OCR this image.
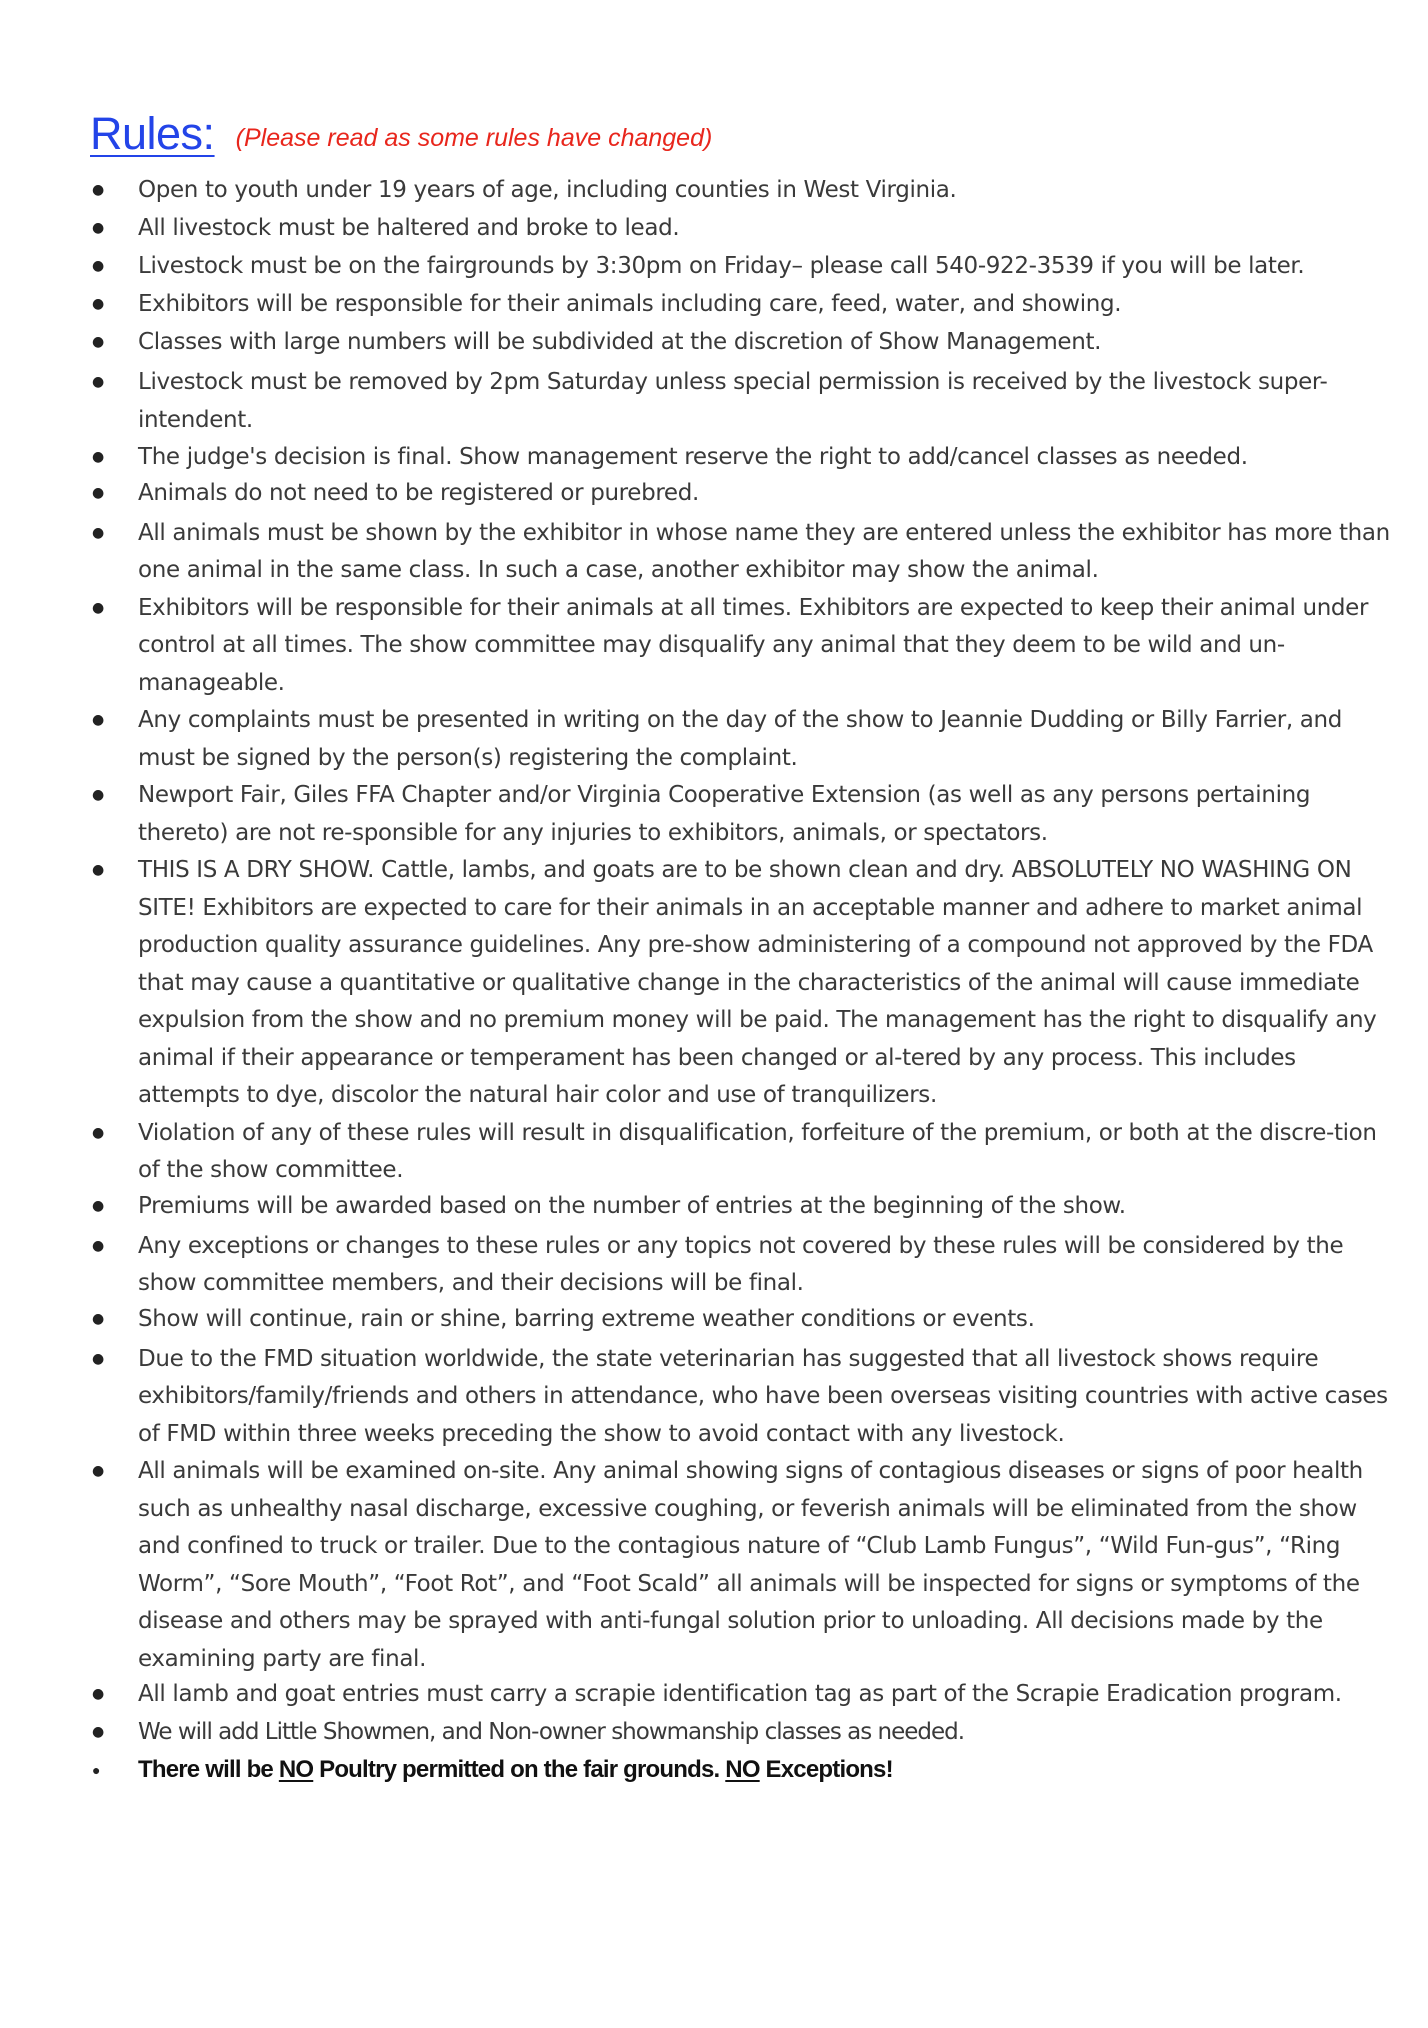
Rules: (Please read as some rules have changed)
● Open to youth under 19 years of age, including counties in West Virginia.
● All livestock must be haltered and broke to lead.
● Livestock must be on the fairgrounds by 3:30pm on Friday– please call 540-922-3539 if you will be later.
● Exhibitors will be responsible for their animals including care, feed, water, and showing.
● Classes with large numbers will be subdivided at the discretion of Show Management.
● Livestock must be removed by 2pm Saturday unless special permission is received by the livestock super-intendent.
● The judge's decision is final. Show management reserve the right to add/cancel classes as needed.
● Animals do not need to be registered or purebred.
● All animals must be shown by the exhibitor in whose name they are entered unless the exhibitor has more than one animal in the same class. In such a case, another exhibitor may show the animal.
● Exhibitors will be responsible for their animals at all times. Exhibitors are expected to keep their animal under control at all times. The show committee may disqualify any animal that they deem to be wild and un-manageable.
● Any complaints must be presented in writing on the day of the show to Jeannie Dudding or Billy Farrier, and must be signed by the person(s) registering the complaint.
● Newport Fair, Giles FFA Chapter and/or Virginia Cooperative Extension (as well as any persons pertaining thereto) are not re-sponsible for any injuries to exhibitors, animals, or spectators.
● THIS IS A DRY SHOW. Cattle, lambs, and goats are to be shown clean and dry. ABSOLUTELY NO WASHING ON SITE! Exhibitors are expected to care for their animals in an acceptable manner and adhere to market animal production quality assurance guidelines. Any pre-show administering of a compound not approved by the FDA that may cause a quantitative or qualitative change in the characteristics of the animal will cause immediate expulsion from the show and no premium money will be paid. The management has the right to disqualify any animal if their appearance or temperament has been changed or al-tered by any process. This includes attempts to dye, discolor the natural hair color and use of tranquilizers.
● Violation of any of these rules will result in disqualification, forfeiture of the premium, or both at the discre-tion of the show committee.
● Premiums will be awarded based on the number of entries at the beginning of the show.
● Any exceptions or changes to these rules or any topics not covered by these rules will be considered by the show committee members, and their decisions will be final.
● Show will continue, rain or shine, barring extreme weather conditions or events.
● Due to the FMD situation worldwide, the state veterinarian has suggested that all livestock shows require exhibitors/family/friends and others in attendance, who have been overseas visiting countries with active cases of FMD within three weeks preceding the show to avoid contact with any livestock.
● All animals will be examined on-site. Any animal showing signs of contagious diseases or signs of poor health such as unhealthy nasal discharge, excessive coughing, or feverish animals will be eliminated from the show and confined to truck or trailer. Due to the contagious nature of “Club Lamb Fungus”, “Wild Fun-gus”, “Ring Worm”, “Sore Mouth”, “Foot Rot”, and “Foot Scald” all animals will be inspected for signs or symptoms of the disease and others may be sprayed with anti-fungal solution prior to unloading. All decisions made by the examining party are final.
● All lamb and goat entries must carry a scrapie identification tag as part of the Scrapie Eradication program.
● We will add Little Showmen, and Non-owner showmanship classes as needed.
● There will be NO Poultry permitted on the fair grounds. NO Exceptions!
